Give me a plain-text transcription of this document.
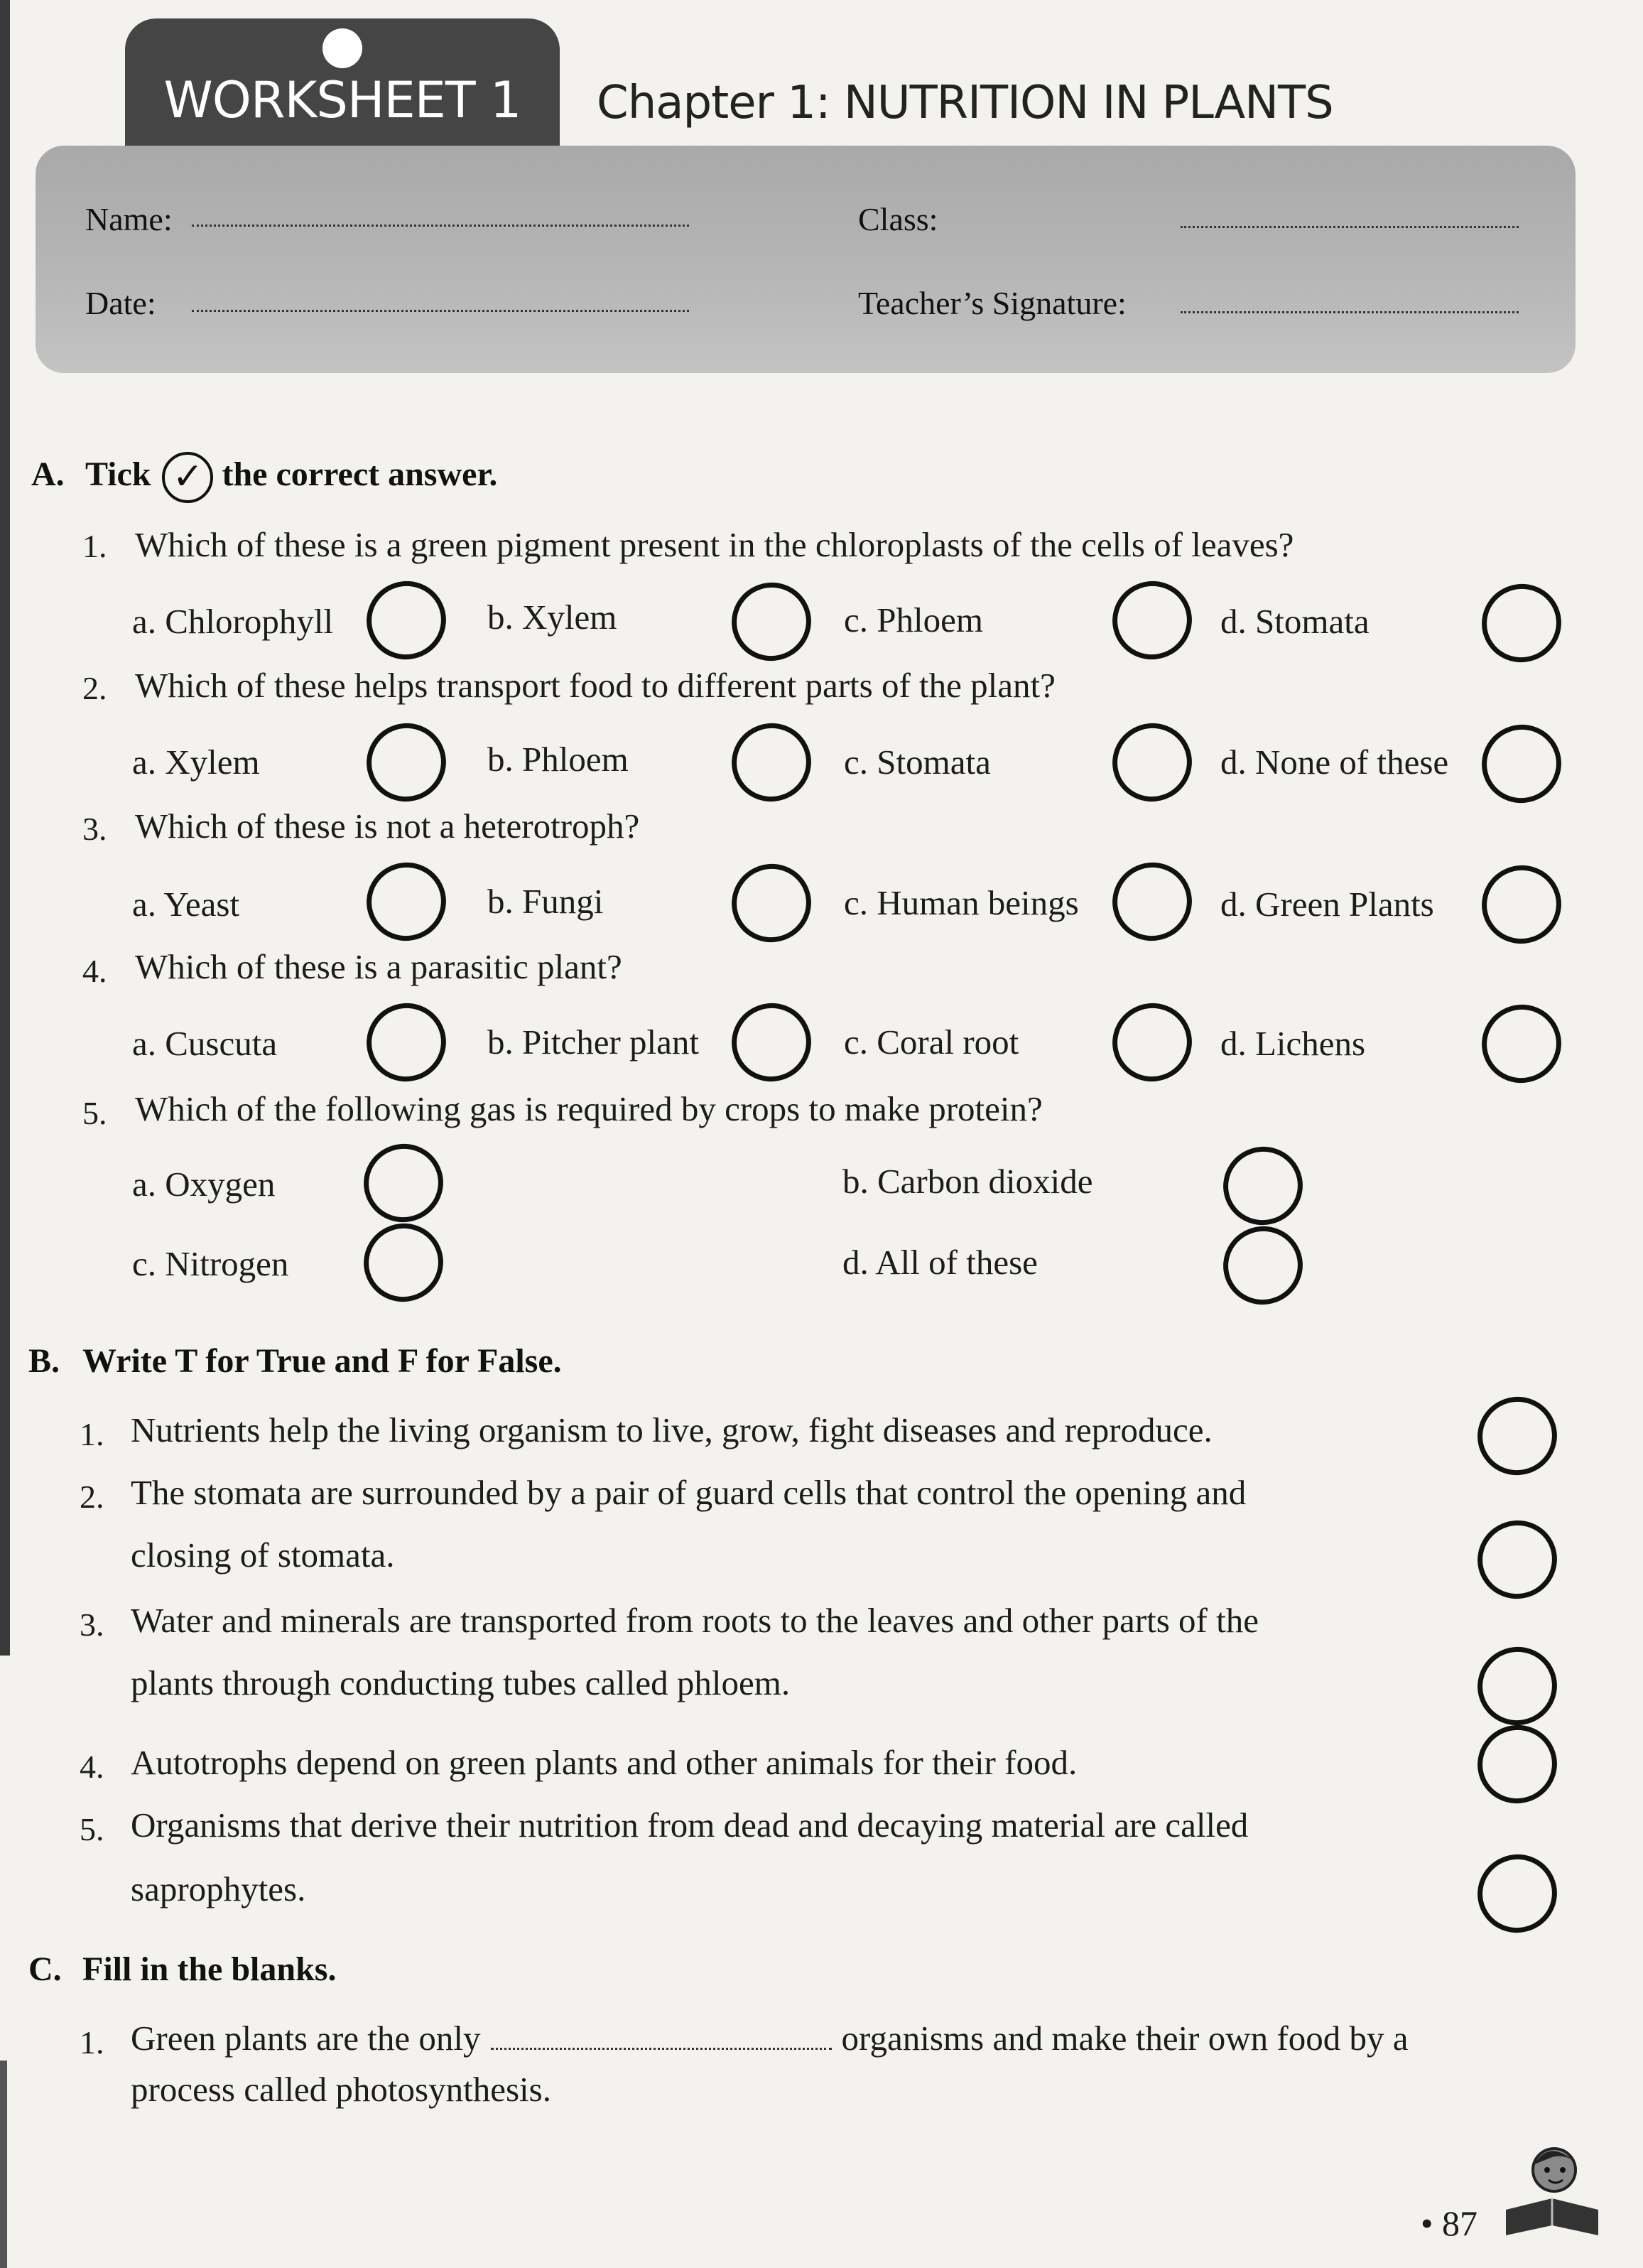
WORKSHEET 1	Chapter 1: NUTRITION IN PLANTS
Name:	Class:
Date:	Teacher’s Signature:
A. Tick ✓ the correct answer.
1. Which of these is a green pigment present in the chloroplasts of the cells of leaves?
a. Chlorophyll	b. Xylem	c. Phloem	d. Stomata
2. Which of these helps transport food to different parts of the plant?
a. Xylem	b. Phloem	c. Stomata	d. None of these
3. Which of these is not a heterotroph?
a. Yeast	b. Fungi	c. Human beings	d. Green Plants
4. Which of these is a parasitic plant?
a. Cuscuta	b. Pitcher plant	c. Coral root	d. Lichens
5. Which of the following gas is required by crops to make protein?
a. Oxygen	b. Carbon dioxide
c. Nitrogen	d. All of these
B. Write T for True and F for False.
1. Nutrients help the living organism to live, grow, fight diseases and reproduce.
2. The stomata are surrounded by a pair of guard cells that control the opening and
closing of stomata.
3. Water and minerals are transported from roots to the leaves and other parts of the
plants through conducting tubes called phloem.
4. Autotrophs depend on green plants and other animals for their food.
5. Organisms that derive their nutrition from dead and decaying material are called
saprophytes.
C. Fill in the blanks.
1. Green plants are the only	organisms and make their own food by a
process called photosynthesis.
• 87
